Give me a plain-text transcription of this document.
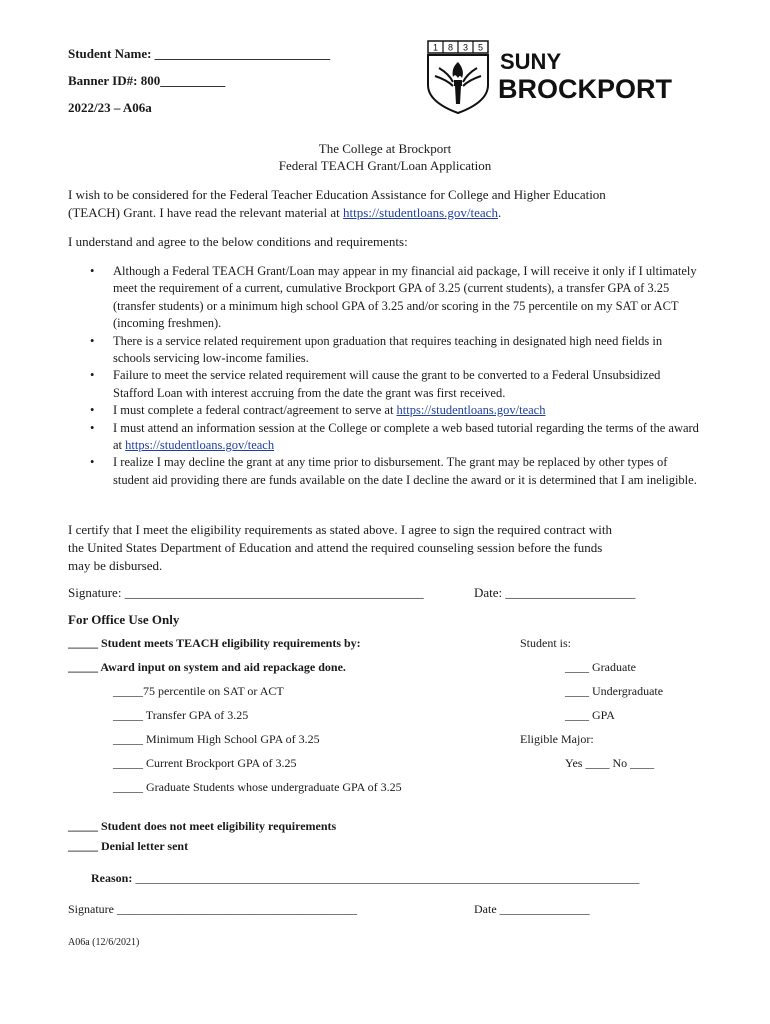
Student Name: ___________________________
Banner ID#: 800__________
2022/23 – A06a
1 8 3 5
SUNY
BROCKPORT
The College at Brockport
Federal TEACH Grant/Loan Application
I wish to be considered for the Federal Teacher Education Assistance for College and Higher Education
(TEACH) Grant. I have read the relevant material at https://studentloans.gov/teach.
I understand and agree to the below conditions and requirements:
• Although a Federal TEACH Grant/Loan may appear in my financial aid package, I will receive it only if I ultimately meet the requirement of a current, cumulative Brockport GPA of 3.25 (current students), a transfer GPA of 3.25 (transfer students) or a minimum high school GPA of 3.25 and/or scoring in the 75 percentile on my SAT or ACT (incoming freshmen).
• There is a service related requirement upon graduation that requires teaching in designated high need fields in schools servicing low-income families.
• Failure to meet the service related requirement will cause the grant to be converted to a Federal Unsubsidized Stafford Loan with interest accruing from the date the grant was first received.
• I must complete a federal contract/agreement to serve at https://studentloans.gov/teach
• I must attend an information session at the College or complete a web based tutorial regarding the terms of the award at https://studentloans.gov/teach
• I realize I may decline the grant at any time prior to disbursement. The grant may be replaced by other types of student aid providing there are funds available on the date I decline the award or it is determined that I am ineligible.
I certify that I meet the eligibility requirements as stated above. I agree to sign the required contract with
the United States Department of Education and attend the required counseling session before the funds
may be disbursed.
Signature: ______________________________________________	Date: ____________________
For Office Use Only
_____ Student meets TEACH eligibility requirements by:	Student is:
_____ Award input on system and aid repackage done.	____ Graduate
_____75 percentile on SAT or ACT	____ Undergraduate
_____ Transfer GPA of 3.25	____ GPA
_____ Minimum High School GPA of 3.25	Eligible Major:
_____ Current Brockport GPA of 3.25	Yes ____ No ____
_____ Graduate Students whose undergraduate GPA of 3.25
_____ Student does not meet eligibility requirements
_____ Denial letter sent
Reason: ____________________________________________________________________________________
Signature ________________________________________	Date _______________
A06a (12/6/2021)
